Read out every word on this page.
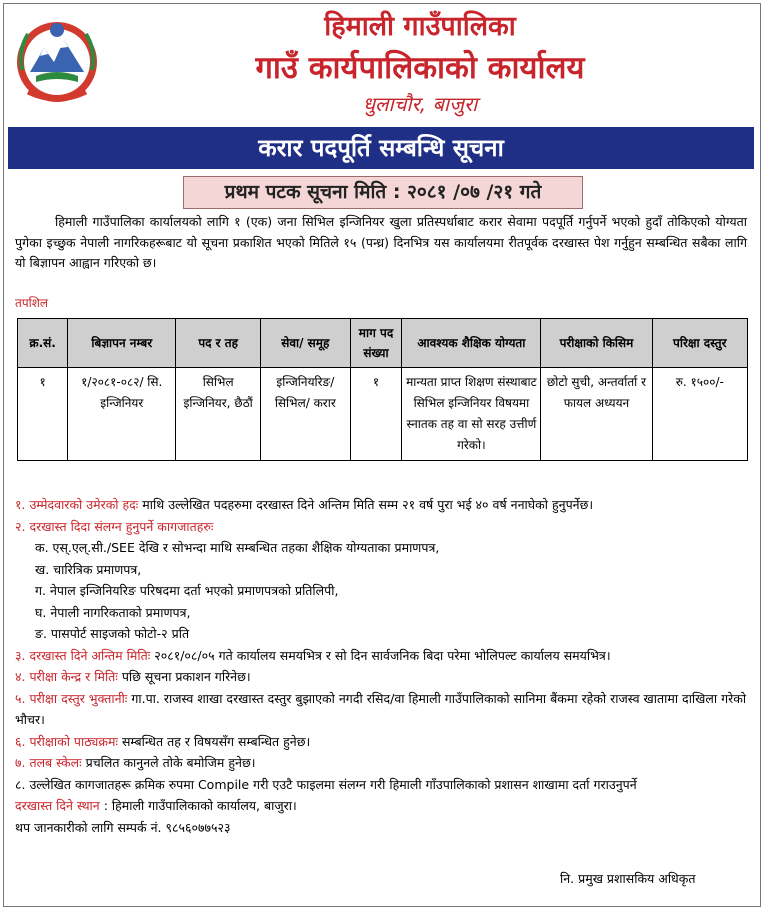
हिमाली गाउँपालिका
गाउँ कार्यपालिकाको कार्यालय
धुलाचौर, बाजुरा
करार पदपूर्ति सम्बन्धि सूचना
प्रथम पटक सूचना मिति : २०८१ /०७ /२१ गते
हिमाली गाउँपालिका कार्यालयको लागि १ (एक) जना सिभिल इन्जिनियर खुला प्रतिस्पर्धाबाट करार सेवामा पदपूर्ति गर्नुपर्ने भएको हुदाँ तोकिएको योग्यता पुगेका इच्छुक नेपाली नागरिकहरूबाट यो सूचना प्रकाशित भएको मितिले १५ (पन्ध्र) दिनभित्र यस कार्यालयमा रीतपूर्वक दरखास्त पेश गर्नुहुन सम्बन्धित सबैका लागि यो बिज्ञापन आह्वान गरिएको छ।
तपशिल
क्र.सं.	बिज्ञापन नम्बर	पद र तह	सेवा/ समूह	माग पद संख्या	आवश्यक शैक्षिक योग्यता	परीक्षाको किसिम	परिक्षा दस्तुर
१	१/२०८१-०८२/ सि. इन्जिनियर	सिभिल इन्जिनियर, छैठौं	इन्जिनियरिङ/ सिभिल/ करार	१	मान्यता प्राप्त शिक्षण संस्थाबाट सिभिल इन्जिनियर विषयमा स्नातक तह वा सो सरह उत्तीर्ण गरेको।	छोटो सुची, अन्तर्वार्ता र फायल अध्ययन	रु. १५००/-
१. उम्मेदवारको उमेरको हदः माथि उल्लेखित पदहरुमा दरखास्त दिने अन्तिम मिति सम्म २१ वर्ष पुरा भई ४० वर्ष ननाघेको हुनुपर्नेछ।
२. दरखास्त दिदा संलग्न हुनुपर्ने कागजातहरुः
क. एस्.एल्.सी./SEE देखि र सोभन्दा माथि सम्बन्धित तहका शैक्षिक योग्यताका प्रमाणपत्र,
ख. चारित्रिक प्रमाणपत्र,
ग. नेपाल इन्जिनियरिङ परिषदमा दर्ता भएको प्रमाणपत्रको प्रतिलिपी,
घ. नेपाली नागरिकताको प्रमाणपत्र,
ङ. पासपोर्ट साइजको फोटो-२ प्रति
३. दरखास्त दिने अन्तिम मितिः २०८१/०८/०५ गते कार्यालय समयभित्र र सो दिन सार्वजनिक बिदा परेमा भोलिपल्ट कार्यालय समयभित्र।
४. परीक्षा केन्द्र र मितिः पछि सूचना प्रकाशन गरिनेछ।
५. परीक्षा दस्तुर भुक्तानीः गा.पा. राजस्व शाखा दरखास्त दस्तुर बुझाएको नगदी रसिद/वा हिमाली गाउँपालिकाको सानिमा बैंकमा रहेको राजस्व खातामा दाखिला गरेको भौचर।
६. परीक्षाको पाठ्यक्रमः सम्बन्धित तह र विषयसँग सम्बन्धित हुनेछ।
७. तलब स्केलः प्रचलित कानुनले तोके बमोजिम हुनेछ।
८. उल्लेखित कागजातहरू क्रमिक रुपमा Compile गरी एउटै फाइलमा संलग्न गरी हिमाली गाँउपालिकाको प्रशासन शाखामा दर्ता गराउनुपर्ने
दरखास्त दिने स्थान : हिमाली गाउँपालिकाको कार्यालय, बाजुरा।
थप जानकारीको लागि सम्पर्क नं. ९८५६०७७५२३
नि. प्रमुख प्रशासकिय अधिकृत
